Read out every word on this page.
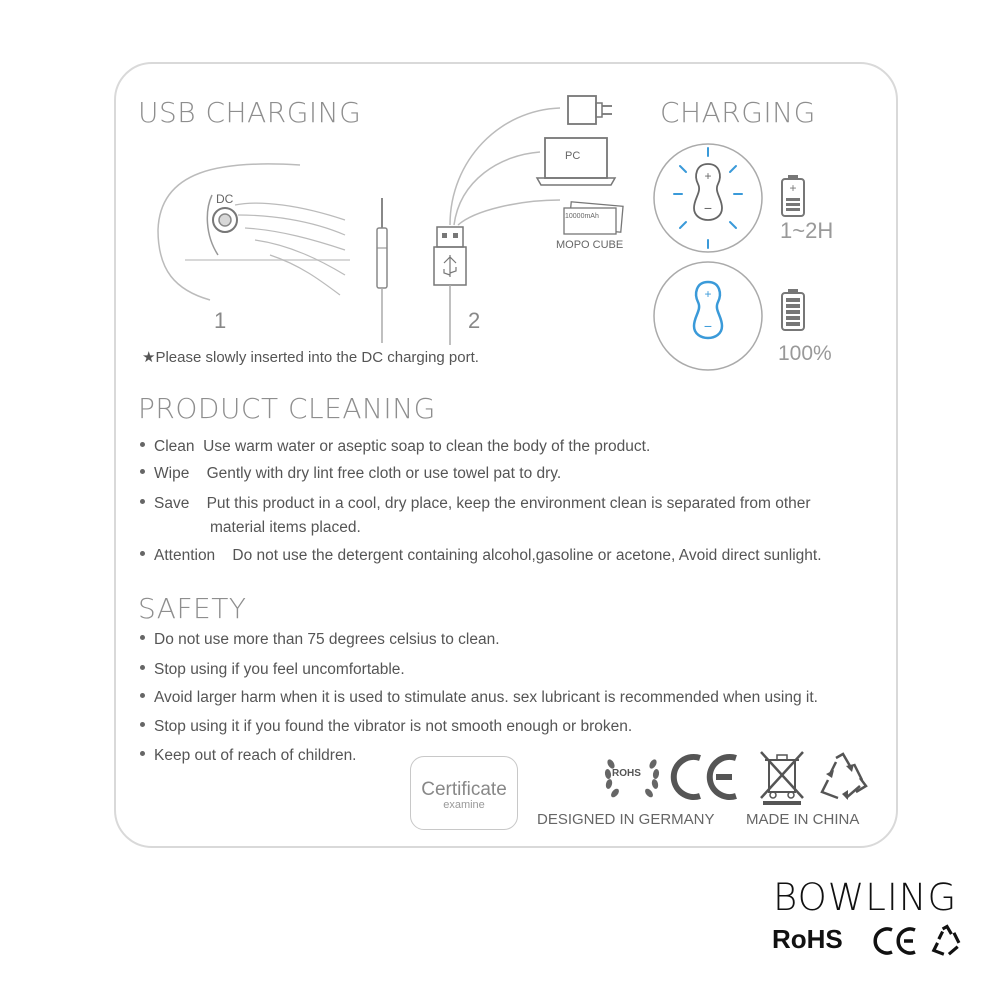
USB CHARGING
DC
1	2
PC
10000mAh
MOPO CUBE
★Please slowly inserted into the DC charging port.
CHARGING
+
−
+
1~2H
+
−
100%
PRODUCT CLEANING
Clean Use warm water or aseptic soap to clean the body of the product.
Wipe Gently with dry lint free cloth or use towel pat to dry.
Save Put this product in a cool, dry place, keep the environment clean is separated from other
material items placed.
Attention Do not use the detergent containing alcohol,gasoline or acetone, Avoid direct sunlight.
SAFETY
Do not use more than 75 degrees celsius to clean.
Stop using if you feel uncomfortable.
Avoid larger harm when it is used to stimulate anus. sex lubricant is recommended when using it.
Stop using it if you found the vibrator is not smooth enough or broken.
Keep out of reach of children.
Certificate
examine
ROHS
DESIGNED IN GERMANY MADE IN CHINA
BOWLING
RoHS
